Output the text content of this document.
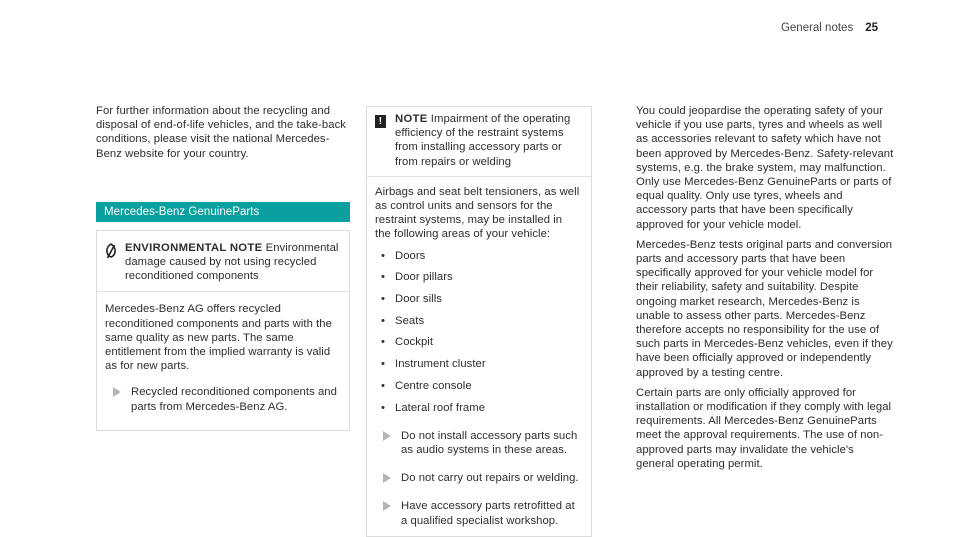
General notes 25

For further information about the recycling and disposal of end-of-life vehicles, and the take-back conditions, please visit the national Mercedes-Benz website for your country.

Mercedes-Benz GenuineParts
ENVIRONMENTAL NOTE Environmental damage caused by not using recycled reconditioned components

Mercedes-Benz AG offers recycled reconditioned components and parts with the same quality as new parts. The same entitlement from the implied warranty is valid as for new parts.

Recycled reconditioned components and parts from Mercedes-Benz AG.
!	NOTE Impairment of the operating efficiency of the restraint systems from installing accessory parts or from repairs or welding

Airbags and seat belt tensioners, as well as control units and sensors for the restraint systems, may be installed in the following areas of your vehicle:

• Doors
• Door pillars
• Door sills
• Seats
• Cockpit
• Instrument cluster
• Centre console
• Lateral roof frame
Do not install accessory parts such as audio systems in these areas.
Do not carry out repairs or welding.
Have accessory parts retrofitted at a qualified specialist workshop.

You could jeopardise the operating safety of your vehicle if you use parts, tyres and wheels as well as accessories relevant to safety which have not been approved by Mercedes-Benz. Safety-relevant systems, e.g. the brake system, may malfunction. Only use Mercedes-Benz GenuineParts or parts of equal quality. Only use tyres, wheels and accessory parts that have been specifically approved for your vehicle model.

Mercedes-Benz tests original parts and conversion parts and accessory parts that have been specifically approved for your vehicle model for their reliability, safety and suitability. Despite ongoing market research, Mercedes-Benz is unable to assess other parts. Mercedes-Benz therefore accepts no responsibility for the use of such parts in Mercedes-Benz vehicles, even if they have been officially approved or independently approved by a testing centre.

Certain parts are only officially approved for installation or modification if they comply with legal requirements. All Mercedes-Benz GenuineParts meet the approval requirements. The use of non-approved parts may invalidate the vehicle's general operating permit.
